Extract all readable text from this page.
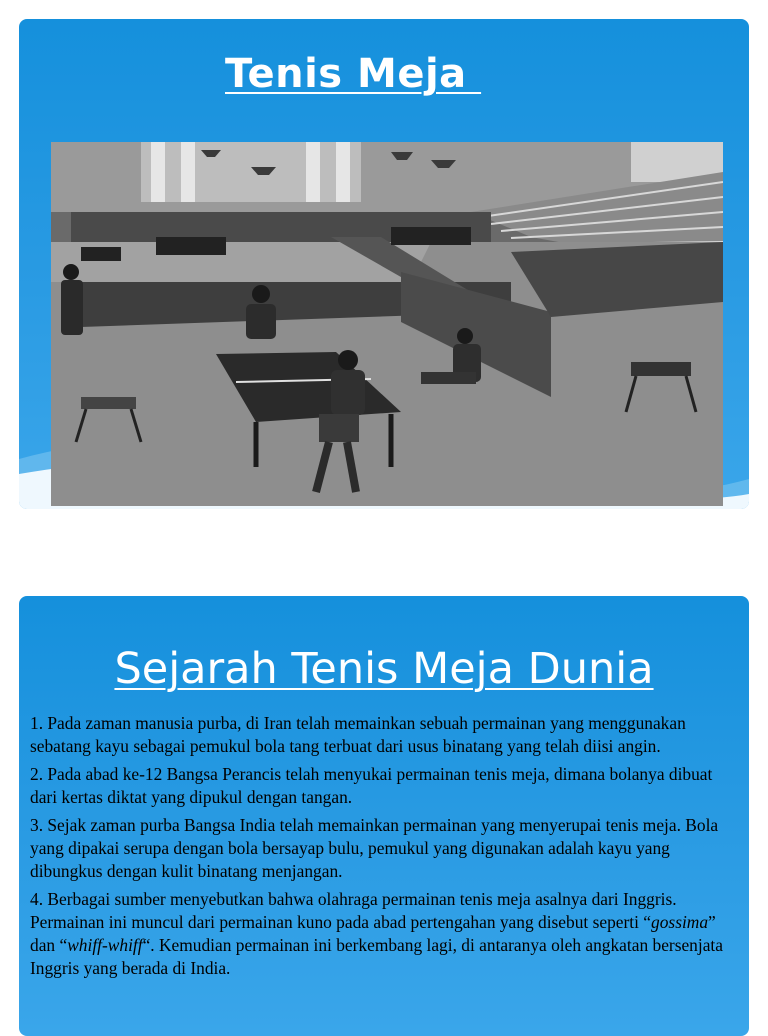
Tenis Meja
Sejarah Tenis Meja Dunia

1. Pada zaman manusia purba, di Iran telah memainkan sebuah permainan yang menggunakan sebatang kayu sebagai pemukul bola tang terbuat dari usus binatang yang telah diisi angin.

2. Pada abad ke-12 Bangsa Perancis telah menyukai permainan tenis meja, dimana bolanya dibuat dari kertas diktat yang dipukul dengan tangan.

3. Sejak zaman purba Bangsa India telah memainkan permainan yang menyerupai tenis meja. Bola yang dipakai serupa dengan bola bersayap bulu, pemukul yang digunakan adalah kayu yang dibungkus dengan kulit binatang menjangan.

4. Berbagai sumber menyebutkan bahwa olahraga permainan tenis meja asalnya dari Inggris. Permainan ini muncul dari permainan kuno pada abad pertengahan yang disebut seperti “gossima” dan “whiff-whiff“. Kemudian permainan ini berkembang lagi, di antaranya oleh angkatan bersenjata Inggris yang berada di India.
